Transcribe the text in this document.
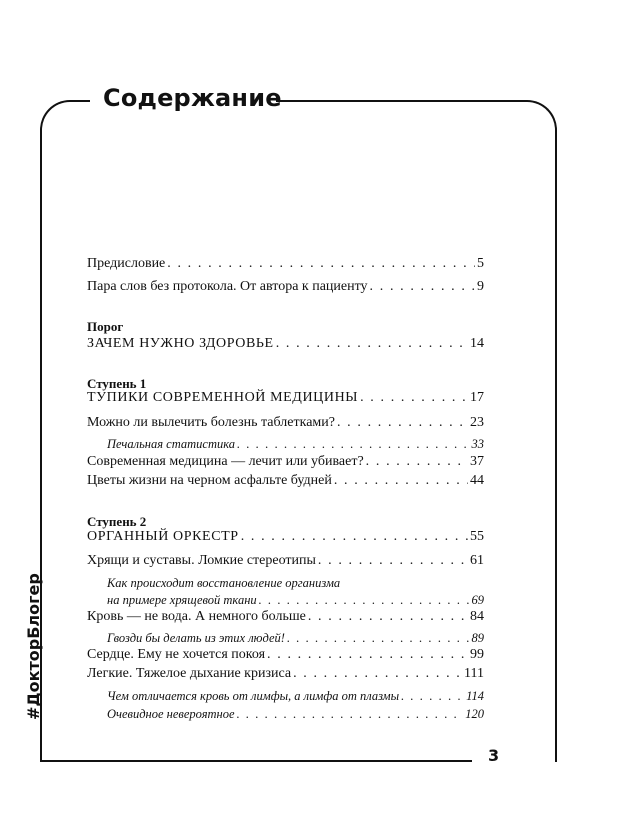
Содержание
3
#ДокторБлогер
Предисловие . . .	5
Пара слов без протокола. От автора к пациенту . . .	9
Порог
ЗАЧЕМ НУЖНО ЗДОРОВЬЕ . . .	14
Ступень 1
ТУПИКИ СОВРЕМЕННОЙ МЕДИЦИНЫ . . .	17
Можно ли вылечить болезнь таблетками? . . .	23
Печальная статистика . . .	33
Современная медицина — лечит или убивает? . . .	37
Цветы жизни на черном асфальте будней . . .	44
Ступень 2
ОРГАННЫЙ ОРКЕСТР . . .	55
Хрящи и суставы. Ломкие стереотипы . . .	61
Как происходит восстановление организма
на примере хрящевой ткани . . .	69
Кровь — не вода. А немного больше . . .	84
Гвозди бы делать из этих людей! . . .	89
Сердце. Ему не хочется покоя . . .	99
Легкие. Тяжелое дыхание кризиса . . .	111
Чем отличается кровь от лимфы, а лимфа от плазмы . . .	114
Очевидное невероятное . . .	120
